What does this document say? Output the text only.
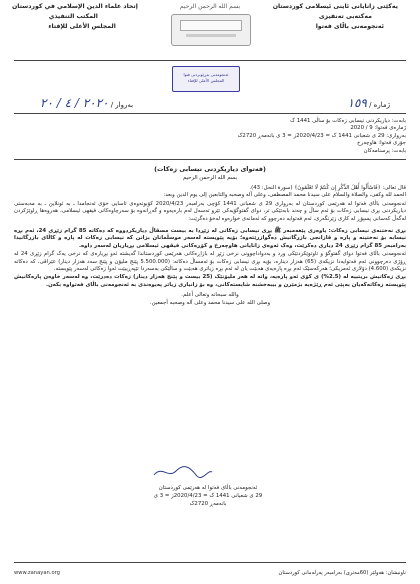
یەکێتی زانایانی ئاینی ئیسلامی کوردستان
مەکتەبی تەنفیزی
ئەنجومەنی باڵای فەتوا
بسم الله الرحمن الرحيم
إتحاد علماء الدين الإسلامي في كوردستان
المكتب التنفيذي
المجلس الأعلى للإفتاء
ئەنجومەنی بەڕێوبردنی فتوا
المجلس الأعلى للإفتاء
ژمارە / ١٥٩
بەروار / ٢٠٢٠ / ٤ / ٢٠

بابەت: دیاریکردنی نیسابی زەکات بۆ ساڵی 1441 ک

ژمارەی فەتوا: 9 / 2020

بەرواری: 29 ی شعبانی 1441 ک = 2020/4/23ز = 3 ی بانەمەڕ 2720ک

جۆری فەتوا: هاوچەرخ

بابەت: پرسنامەکان

(فەتوای دیاریکردنی نیسابی زەکات)
بسم الله الرحمن الرحيم

قال تعالى: ﴿فَاسْأَلُوا أَهْلَ الذِّكْرِ إِن كُنتُمْ لَا تَعْلَمُونَ﴾ (سورة النحل: 43).

الحمد لله وكفى، والصلاة والسلام على سيدنا محمد المصطفى، وعلى آله وصحبه والتابعين إلى يوم الدين وبعد:

ئەنجومەنی باڵای فەتوا لە هەرێمی کوردستان لە بەرواری 29 ی شعبانی 1441 کۆچی بەرامبەر 2020/4/23 کۆبونەوەی ئاسایی خۆی ئەنجامدا ـ بە ئونلاین ـ بە مەبەستی دیاریکردنی بڕی نیسابی زەکات بۆ ئەم ساڵ و چەند بابەتێکی تر، دوای گفتوگۆیەکی تێرو تەسەل لەم بارەیەوە و گەڕانەوە بۆ سەرچاوەکانی فیقهی ئیسلامی، هەروەها ڕاوێژکردن لەگەڵ کەسانی پسپۆڕ لە کاری زێرنگەری، ئەم فەتوایە دەرچوو کە ئەمانەی خوارەوە لەخۆ دەگرێت:

بڕی نەختنەی نیسابی زەکات: یاوەری پێغەمبەر ﷺ بڕی نیسابی زەکاتی لە زێڕدا بە بیست مسقاڵ دیاریکردووە کە دەکاتە 85 گرام زێڕی 24، ئەم بڕە نیسابە بۆ نەختینە و پارە و قازانجی بازرگانیش دەگوازرێتەوە؛ بۆیە پێویستە لەسەر موسڵمانان بزانن کە نیسابی زەکات لە پارە و کاڵای بازرگانیدا بەرامبەر 85 گرام زێڕی 24 دیاری دەکرێت، وەک ئەوەی زانایانی هاوچەرخ و کۆڕەکانی فیقهی ئیسلامی بڕیاریان لەسەر داوە.

ئەنجومەنی باڵای فەتوا دوای گفتوگۆ و تاوتوێکردنێکی ورد و بەدواداچوونی نرخی زێڕ لە بازاڕەکانی هەرێمی کوردستاندا گەیشتە ئەو بڕیارەی کە نرخی یەک گرام زێڕی 24 لە ڕۆژی دەرچوونی ئەم فەتوایەدا نزیکەی (65) هەزار دینارە، بۆیە بڕی نیسابی زەکات بۆ ئەمساڵ دەکاتە: (5.500.000 پێنج ملیۆن و پێنج سەد هەزار دینار) عێراقی، کە دەکاتە نزیکەی (4.600) دۆلاری ئەمریکی؛ هەرکەسێک ئەم بڕە پارەیەی هەبێت یان لە ئەم بڕە زیاتری هەبێت و ساڵێکی بەسەردا تێپەڕیبێت ئەوا زەکاتی لەسەر پێویستە.

بڕی زەکاتیش بریتییە لە (2.5%) ی کۆی ئەو پارەیە، واتە لە هەر ملیۆنێک (25 بیست و پێنج هەزار دینار) زەکات دەدرێت، وە لەسەر خاوەن پارەکانیش پێویستە زەکاتەکەیان بەپێی ئەم ڕێژەیە بژمێرن و بیبەخشنە شایستەکانی، وە بۆ زانیاری زیاتر پەیوەندی بە ئەنجومەنی باڵای فەتواوە بکەن.

والله سبحانه وتعالى أعلم.

وصلى الله على سيدنا محمد وعلى آله وصحبه أجمعين.

ئەنجومەنی باڵای فەتوا لە هەرێمی کوردستان
29 ی شعبانی 1441 ک = 2020/4/23ز = 3 ی بانەمەڕ 2720ک
www.zanayan.org	ناونیشان: هەولێر (60مەتری) بەرامبەر پەرلەمانی کوردستان
